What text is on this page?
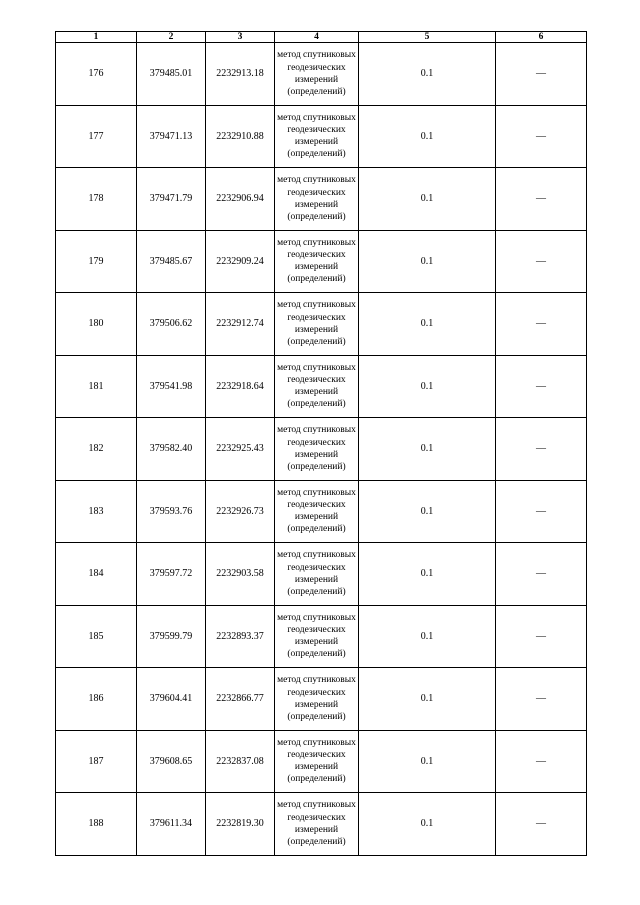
1	2	3	4	5	6
176	379485.01	2232913.18	метод спутниковых геодезических измерений (определений)	0.1	—
177	379471.13	2232910.88	метод спутниковых геодезических измерений (определений)	0.1	—
178	379471.79	2232906.94	метод спутниковых геодезических измерений (определений)	0.1	—
179	379485.67	2232909.24	метод спутниковых геодезических измерений (определений)	0.1	—
180	379506.62	2232912.74	метод спутниковых геодезических измерений (определений)	0.1	—
181	379541.98	2232918.64	метод спутниковых геодезических измерений (определений)	0.1	—
182	379582.40	2232925.43	метод спутниковых геодезических измерений (определений)	0.1	—
183	379593.76	2232926.73	метод спутниковых геодезических измерений (определений)	0.1	—
184	379597.72	2232903.58	метод спутниковых геодезических измерений (определений)	0.1	—
185	379599.79	2232893.37	метод спутниковых геодезических измерений (определений)	0.1	—
186	379604.41	2232866.77	метод спутниковых геодезических измерений (определений)	0.1	—
187	379608.65	2232837.08	метод спутниковых геодезических измерений (определений)	0.1	—
188	379611.34	2232819.30	метод спутниковых геодезических измерений (определений)	0.1	—
